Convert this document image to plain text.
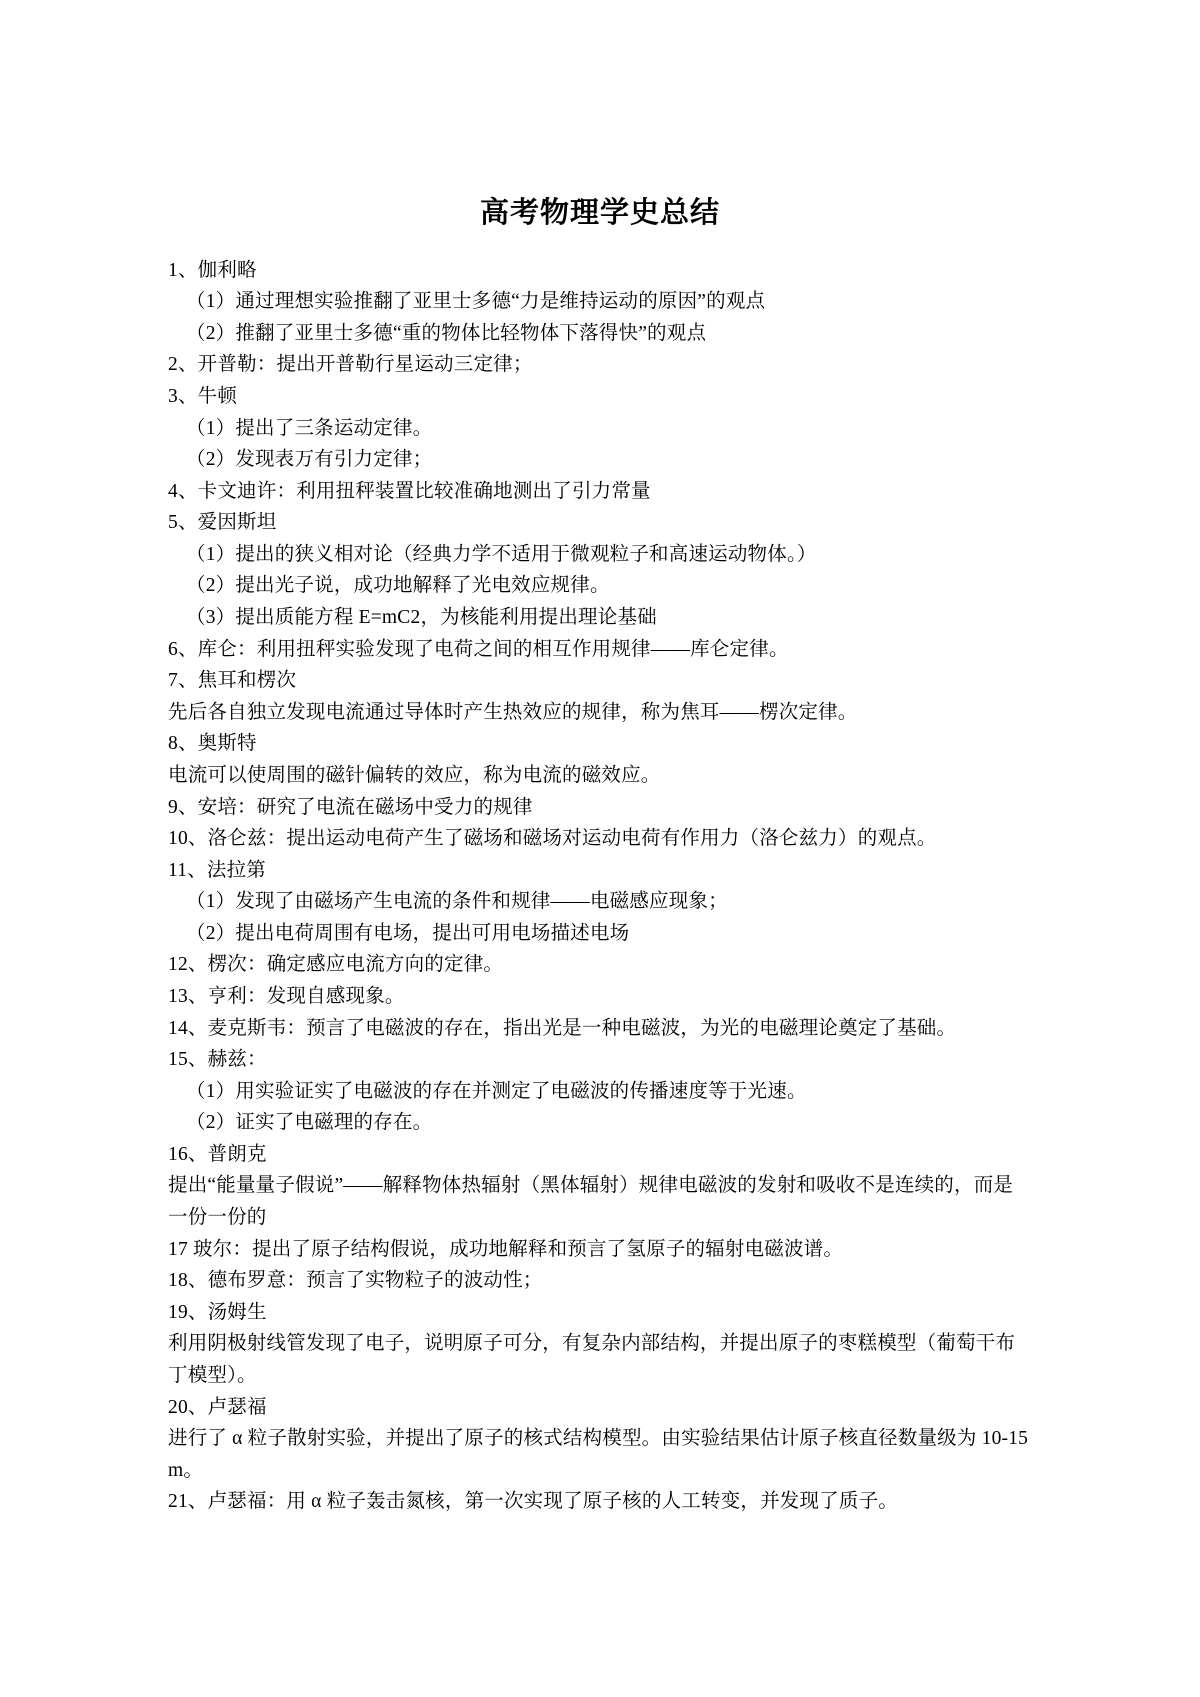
高考物理学史总结

1、伽利略

（1）通过理想实验推翻了亚里士多德“力是维持运动的原因”的观点

（2）推翻了亚里士多德“重的物体比轻物体下落得快”的观点

2、开普勒：提出开普勒行星运动三定律；

3、牛顿

（1）提出了三条运动定律。

（2）发现表万有引力定律；

4、卡文迪许：利用扭秤装置比较准确地测出了引力常量

5、爱因斯坦

（1）提出的狭义相对论（经典力学不适用于微观粒子和高速运动物体。）

（2）提出光子说，成功地解释了光电效应规律。

（3）提出质能方程 E=mC2，为核能利用提出理论基础

6、库仑：利用扭秤实验发现了电荷之间的相互作用规律——库仑定律。

7、焦耳和楞次

先后各自独立发现电流通过导体时产生热效应的规律，称为焦耳——楞次定律。

8、奥斯特

电流可以使周围的磁针偏转的效应，称为电流的磁效应。

9、安培：研究了电流在磁场中受力的规律

10、洛仑兹：提出运动电荷产生了磁场和磁场对运动电荷有作用力（洛仑兹力）的观点。

11、法拉第

（1）发现了由磁场产生电流的条件和规律——电磁感应现象；

（2）提出电荷周围有电场，提出可用电场描述电场

12、楞次：确定感应电流方向的定律。

13、亨利：发现自感现象。

14、麦克斯韦：预言了电磁波的存在，指出光是一种电磁波，为光的电磁理论奠定了基础。

15、赫兹：

（1）用实验证实了电磁波的存在并测定了电磁波的传播速度等于光速。

（2）证实了电磁理的存在。

16、普朗克

提出“能量量子假说”——解释物体热辐射（黑体辐射）规律电磁波的发射和吸收不是连续的，而是一份一份的

17 玻尔：提出了原子结构假说，成功地解释和预言了氢原子的辐射电磁波谱。

18、德布罗意：预言了实物粒子的波动性；

19、汤姆生

利用阴极射线管发现了电子，说明原子可分，有复杂内部结构，并提出原子的枣糕模型（葡萄干布丁模型）。

20、卢瑟福

进行了 α 粒子散射实验，并提出了原子的核式结构模型。由实验结果估计原子核直径数量级为 10-15 m。

21、卢瑟福：用 α 粒子轰击氮核，第一次实现了原子核的人工转变，并发现了质子。
